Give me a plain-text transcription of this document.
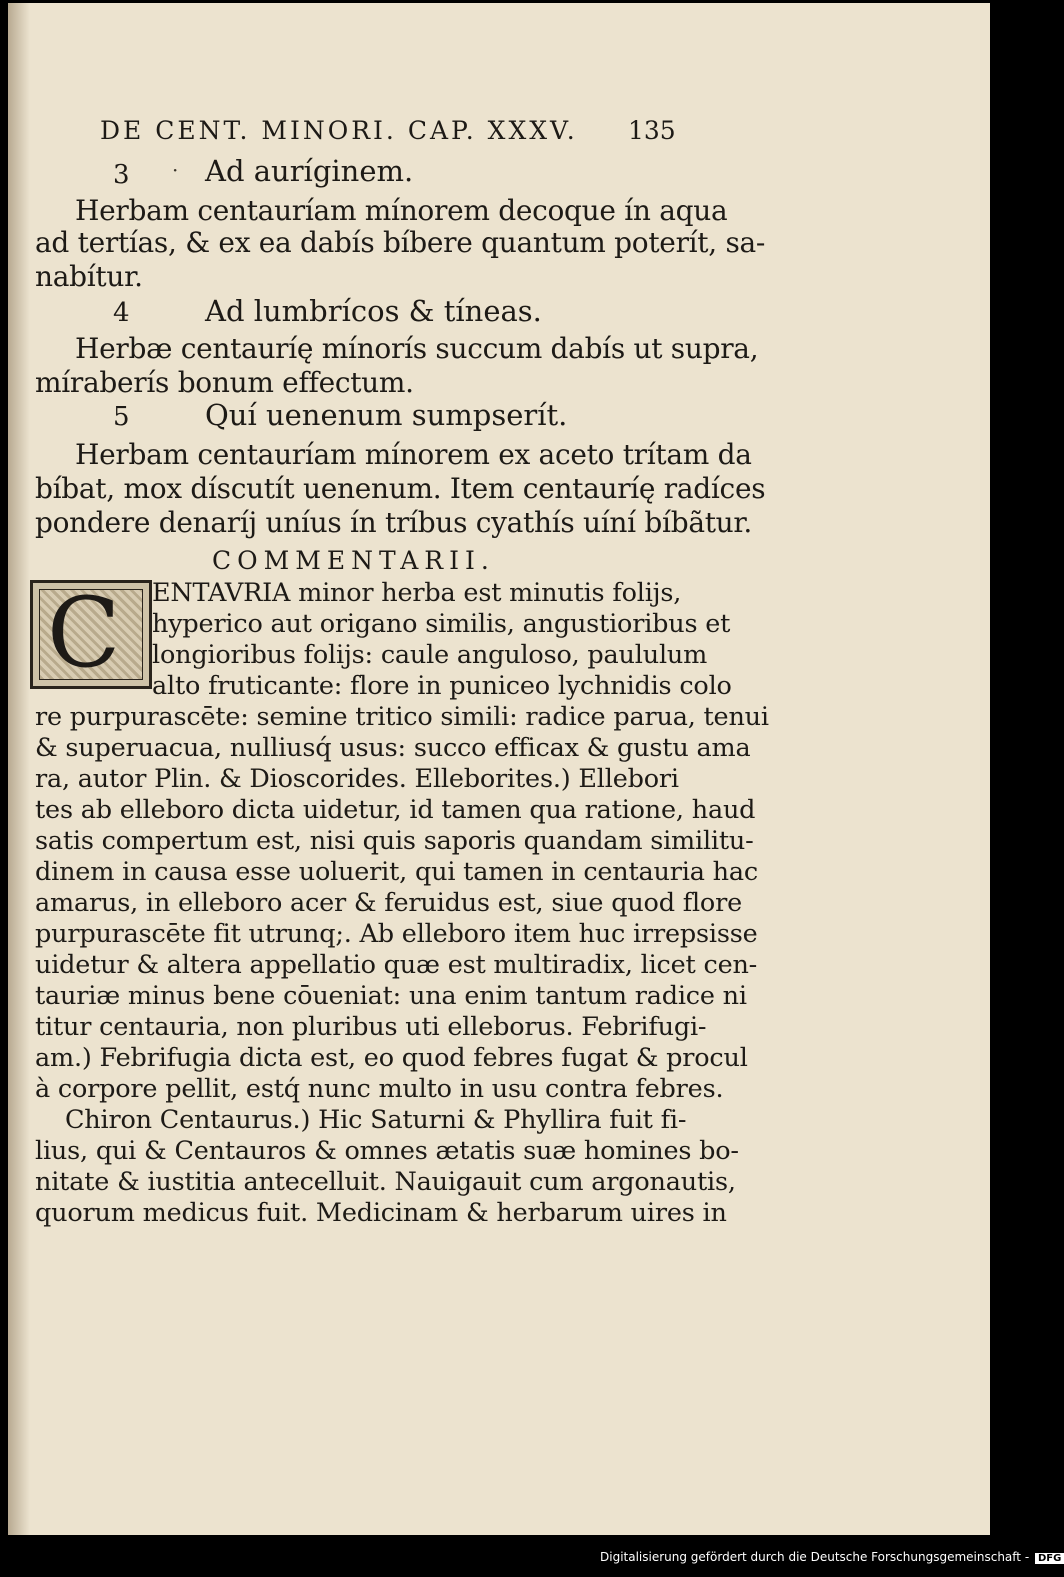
DE CENT. MINORI. CAP. XXXV.	135
3 · Ad auríginem.
Herbam centauríam mínorem decoque ín aqua
ad tertías, & ex ea dabís bíbere quantum poterít, sa-
nabítur.
4	Ad lumbrícos & tíneas.
Herbæ centauríę mínorís succum dabís ut supra,
míraberís bonum effectum.
5	Quí uenenum sumpserít.
Herbam centauríam mínorem ex aceto trítam da
bíbat, mox díscutít uenenum. Item centauríę radíces
pondere denaríj uníus ín tríbus cyathís uíní bíbãtur.
COMMENTARII.
C ENTAVRIA minor herba est minutis folijs,
hyperico aut origano similis, angustioribus et
longioribus folijs: caule anguloso, paululum
alto fruticante: flore in puniceo lychnidis colo
re purpurascēte: semine tritico simili: radice parua, tenui
& superuacua, nulliusq́ usus: succo efficax & gustu ama
ra, autor Plin. & Dioscorides. Elleborites.) Ellebori
tes ab elleboro dicta uidetur, id tamen qua ratione, haud
satis compertum est, nisi quis saporis quandam similitu-
dinem in causa esse uoluerit, qui tamen in centauria hac
amarus, in elleboro acer & feruidus est, siue quod flore
purpurascēte fit utrunq;. Ab elleboro item huc irrepsisse
uidetur & altera appellatio quæ est multiradix, licet cen-
tauriæ minus bene cōueniat: una enim tantum radice ni
titur centauria, non pluribus uti elleborus. Febrifugi-
am.) Febrifugia dicta est, eo quod febres fugat & procul
à corpore pellit, estq́ nunc multo in usu contra febres.
Chiron Centaurus.) Hic Saturni & Phyllira fuit fi-
lius, qui & Centauros & omnes ætatis suæ homines bo-
nitate & iustitia antecelluit. Nauigauit cum argonautis,
quorum medicus fuit. Medicinam & herbarum uires in
Digitalisierung gefördert durch die Deutsche Forschungsgemeinschaft - DFG
